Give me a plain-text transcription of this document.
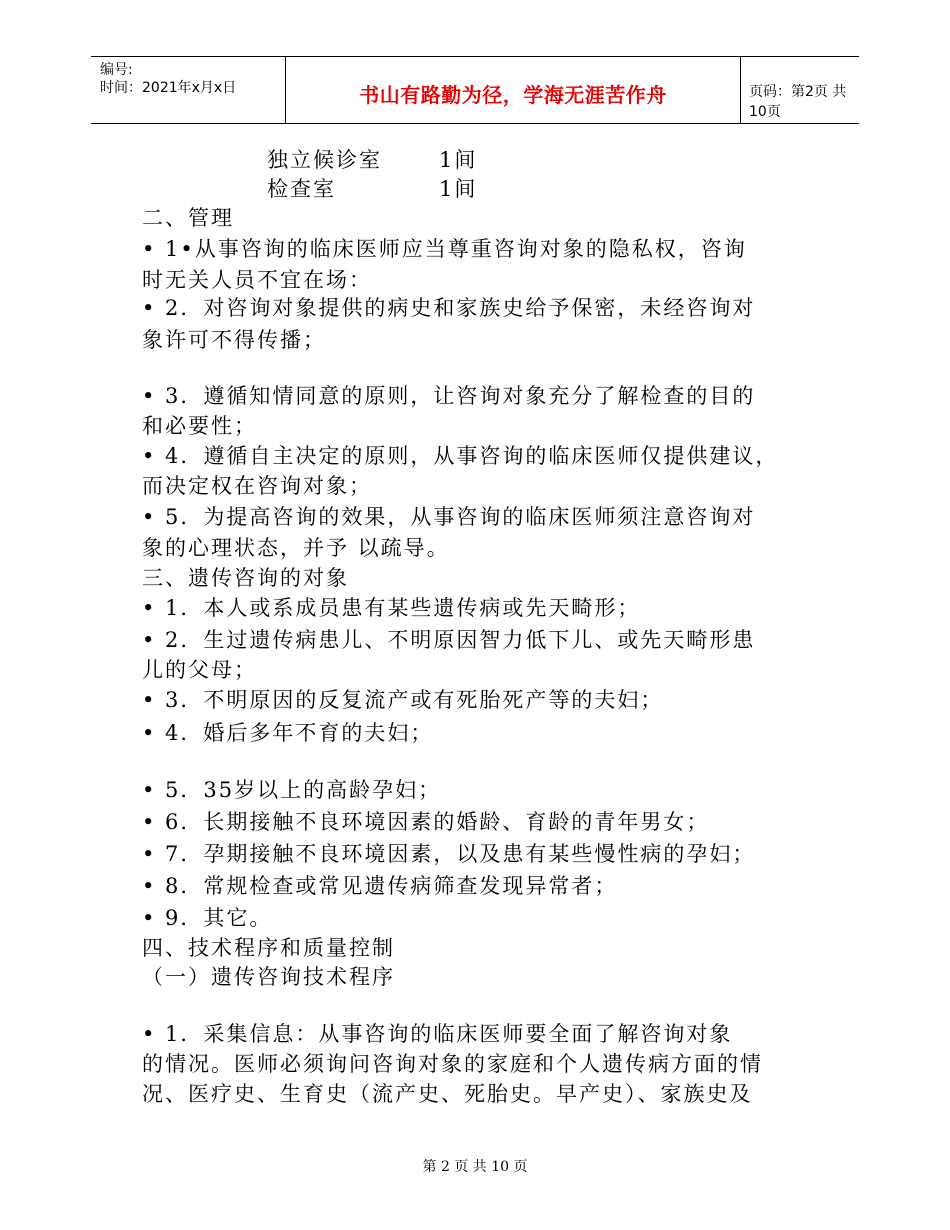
编号:
时间：2021年x月x日	书山有路勤为径，学海无涯苦作舟	页码：第2页 共10页
独立候诊室	1间
检查室	1间
二、管理
• 1•从事咨询的临床医师应当尊重咨询对象的隐私权，咨询
时无关人员不宜在场：
• 2．对咨询对象提供的病史和家族史给予保密，未经咨询对
象许可不得传播；
• 3．遵循知情同意的原则，让咨询对象充分了解检查的目的
和必要性；
• 4．遵循自主决定的原则，从事咨询的临床医师仅提供建议，
而决定权在咨询对象；
• 5．为提高咨询的效果，从事咨询的临床医师须注意咨询对
象的心理状态，并予 以疏导。
三、遗传咨询的对象
• 1．本人或系成员患有某些遗传病或先天畸形；
• 2．生过遗传病患儿、不明原因智力低下儿、或先天畸形患
儿的父母；
• 3．不明原因的反复流产或有死胎死产等的夫妇；
• 4．婚后多年不育的夫妇；
• 5．35岁以上的高龄孕妇；
• 6．长期接触不良环境因素的婚龄、育龄的青年男女；
• 7．孕期接触不良环境因素，以及患有某些慢性病的孕妇；
• 8．常规检查或常见遗传病筛查发现异常者；
• 9．其它。
四、技术程序和质量控制
（一）遗传咨询技术程序
• 1．采集信息：从事咨询的临床医师要全面了解咨询对象
的情况。医师必须询问咨询对象的家庭和个人遗传病方面的情
况、医疗史、生育史（流产史、死胎史。早产史）、家族史及
第 2 页 共 10 页
